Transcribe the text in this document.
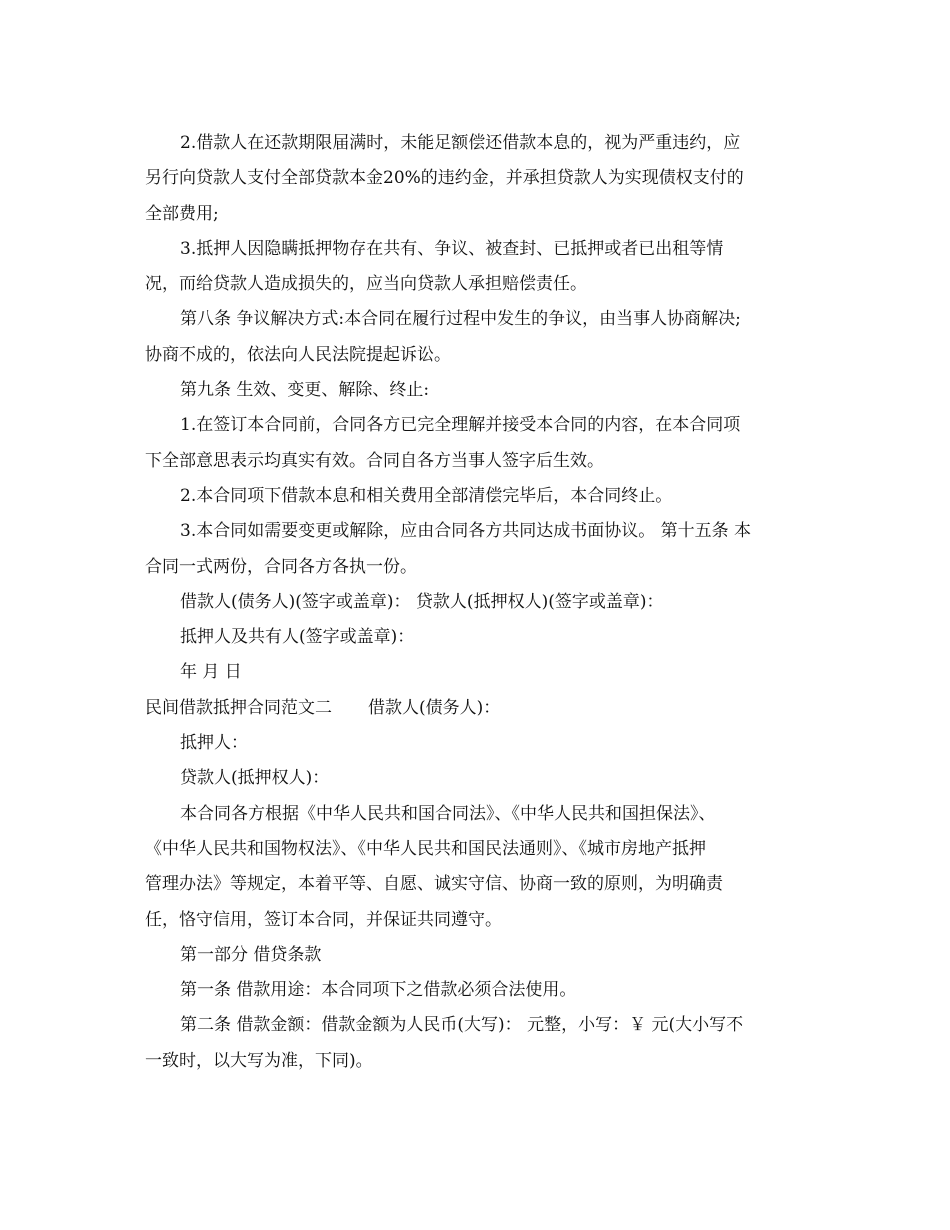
2.借款人在还款期限届满时，未能足额偿还借款本息的，视为严重违约，应
另行向贷款人支付全部贷款本金20%的违约金，并承担贷款人为实现债权支付的
全部费用;
3.抵押人因隐瞒抵押物存在共有、争议、被查封、已抵押或者已出租等情
况，而给贷款人造成损失的，应当向贷款人承担赔偿责任。
第八条 争议解决方式:本合同在履行过程中发生的争议，由当事人协商解决;
协商不成的，依法向人民法院提起诉讼。
第九条 生效、变更、解除、终止:
1.在签订本合同前，合同各方已完全理解并接受本合同的内容，在本合同项
下全部意思表示均真实有效。合同自各方当事人签字后生效。
2.本合同项下借款本息和相关费用全部清偿完毕后，本合同终止。
3.本合同如需要变更或解除，应由合同各方共同达成书面协议。 第十五条 本
合同一式两份，合同各方各执一份。
借款人(债务人)(签字或盖章)： 贷款人(抵押权人)(签字或盖章)：
抵押人及共有人(签字或盖章)：
年 月 日
民间借款抵押合同范文二 借款人(债务人)：
抵押人：
贷款人(抵押权人)：
本合同各方根据《中华人民共和国合同法》、《中华人民共和国担保法》、
《中华人民共和国物权法》、《中华人民共和国民法通则》、《城市房地产抵押
管理办法》等规定，本着平等、自愿、诚实守信、协商一致的原则，为明确责
任，恪守信用，签订本合同，并保证共同遵守。
第一部分 借贷条款
第一条 借款用途：本合同项下之借款必须合法使用。
第二条 借款金额：借款金额为人民币(大写)： 元整，小写：￥ 元(大小写不
一致时，以大写为准，下同)。
